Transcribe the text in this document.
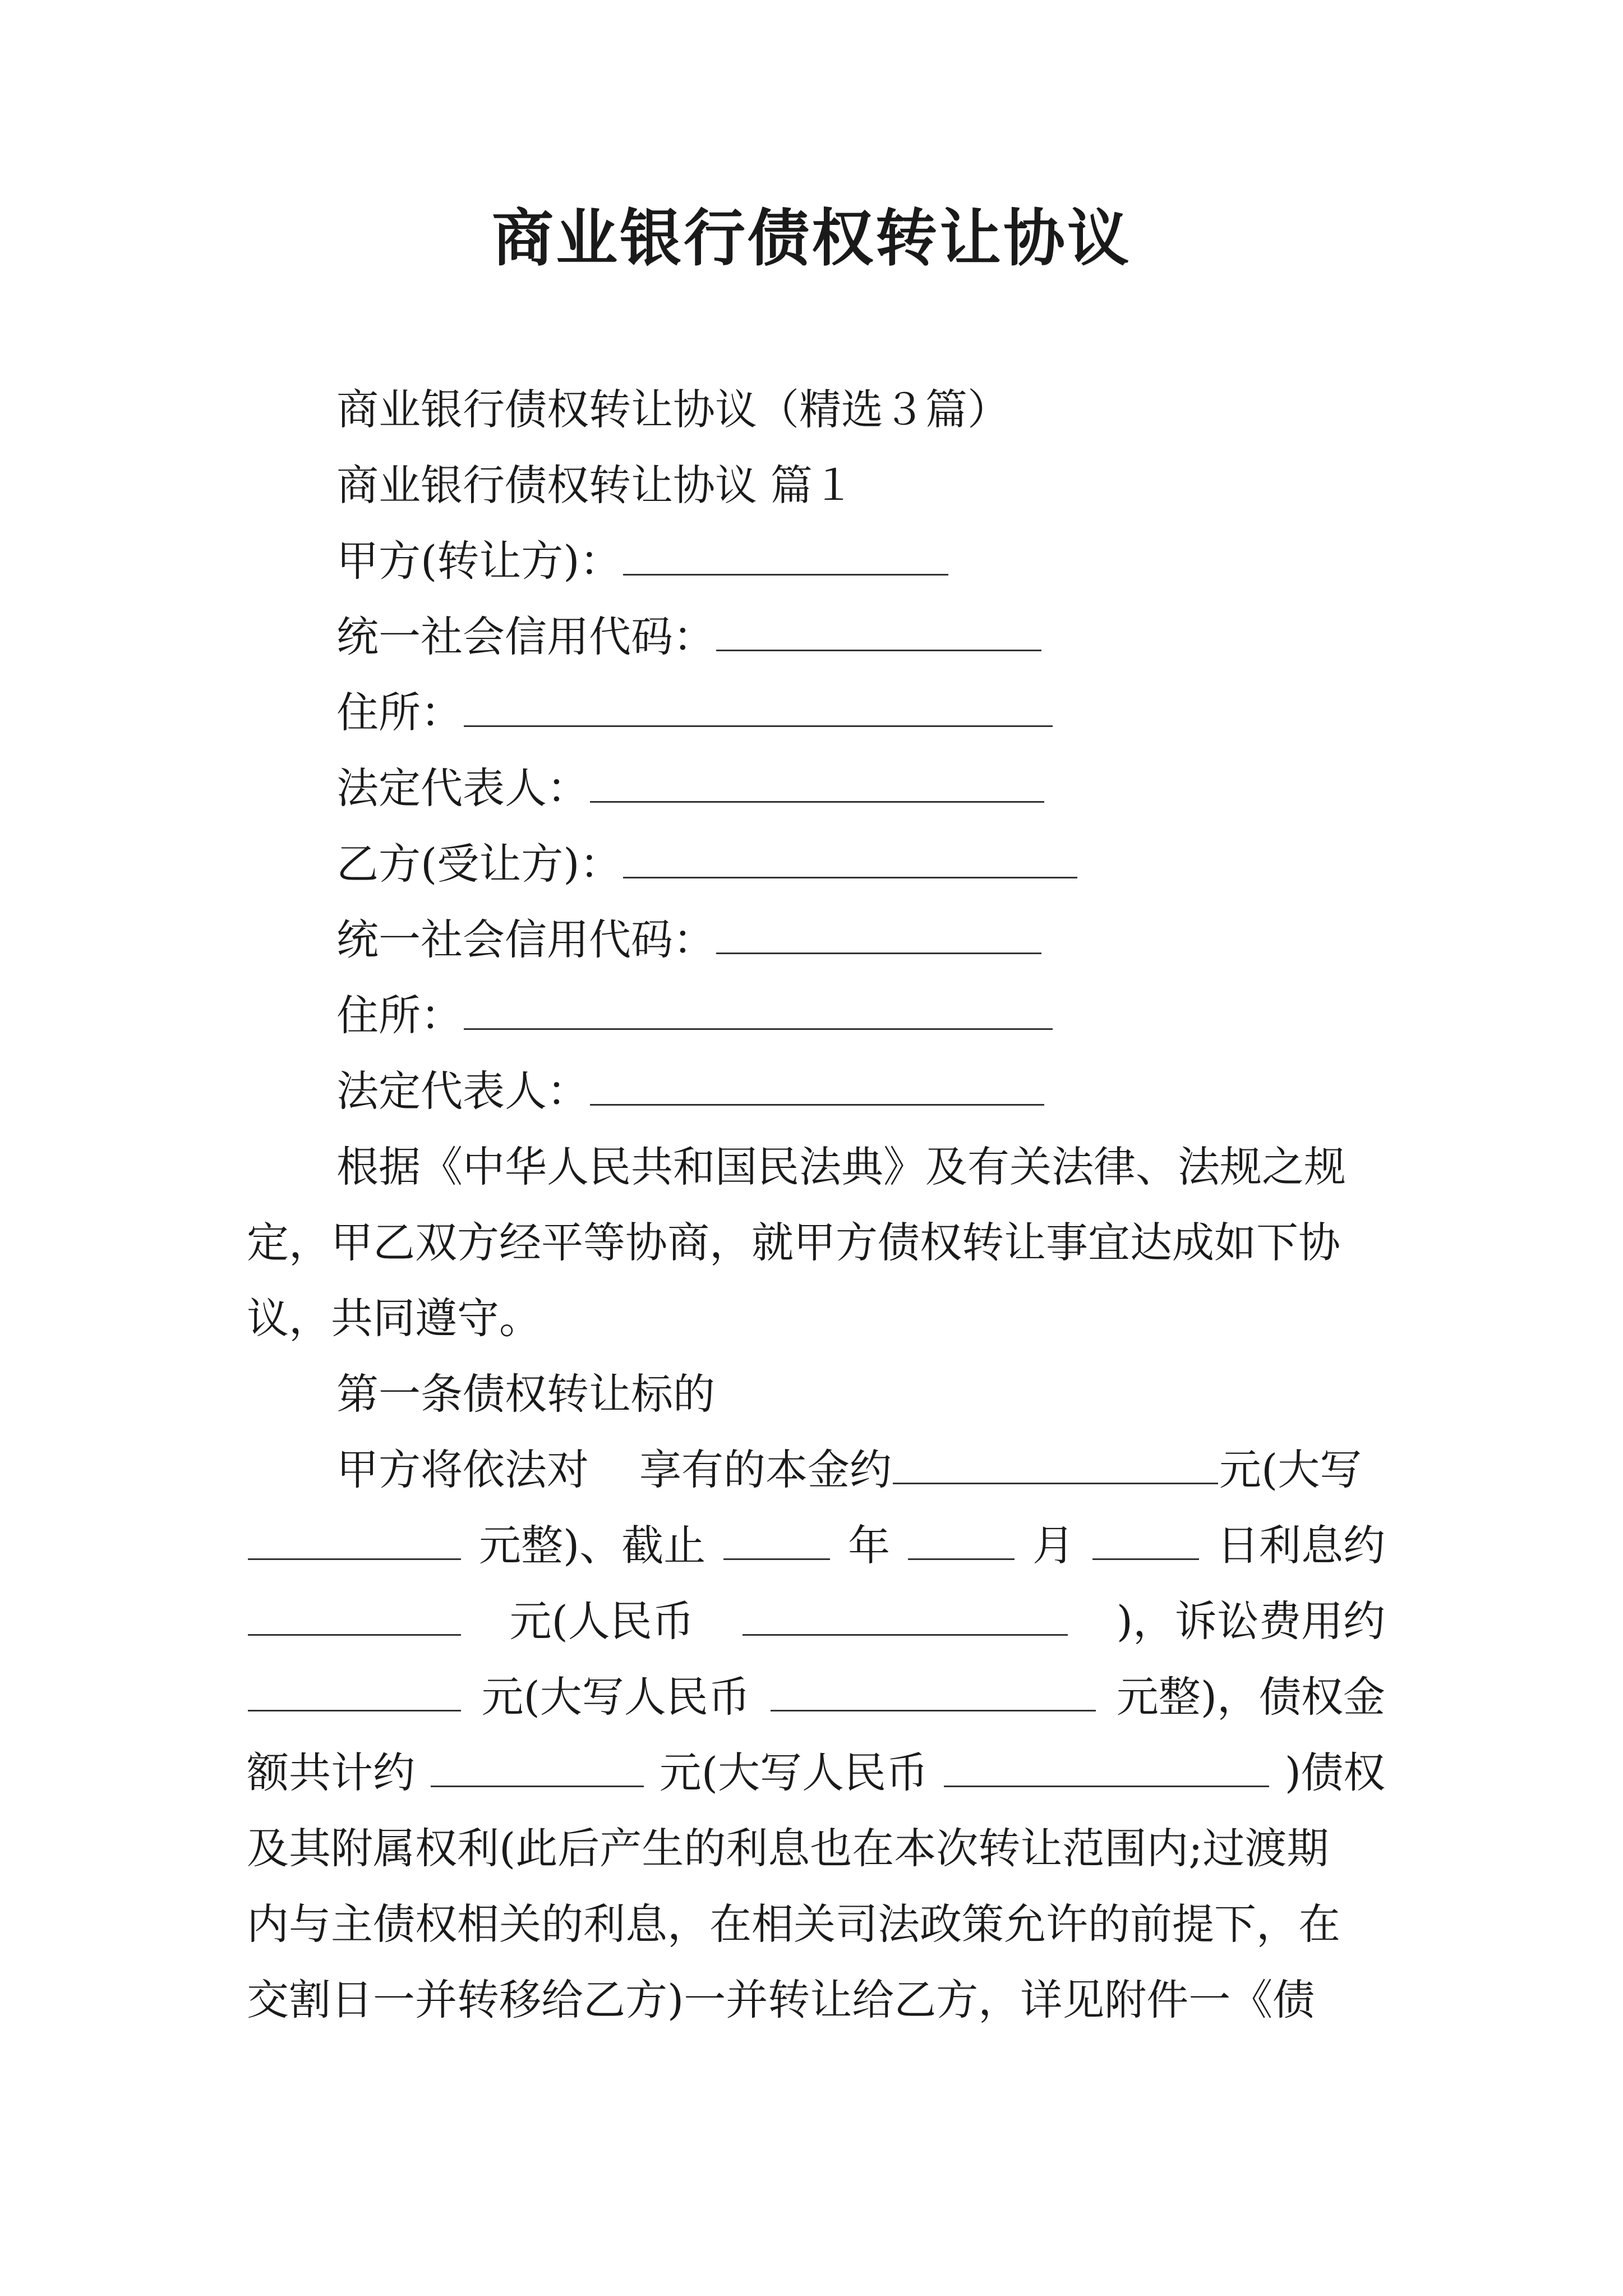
商业银行债权转让协议
商业银行债权转让协议（精选３篇）
商业银行债权转让协议 篇１
甲方(转让方)：
统一社会信用代码：
住所：
法定代表人：
乙方(受让方)：
统一社会信用代码：
住所：
法定代表人：
根据《中华人民共和国民法典》及有关法律、法规之规
定，甲乙双方经平等协商，就甲方债权转让事宜达成如下协
议，共同遵守。
第一条债权转让标的
甲方将依法对 享有的本金约	元(大写
元整)、截止	年	月	日利息约
元(人民币	)，诉讼费用约
元(大写人民币	元整)，债权金
额共计约	元(大写人民币	)债权
及其附属权利(此后产生的利息也在本次转让范围内;过渡期
内与主债权相关的利息，在相关司法政策允许的前提下，在
交割日一并转移给乙方)一并转让给乙方，详见附件一《债
